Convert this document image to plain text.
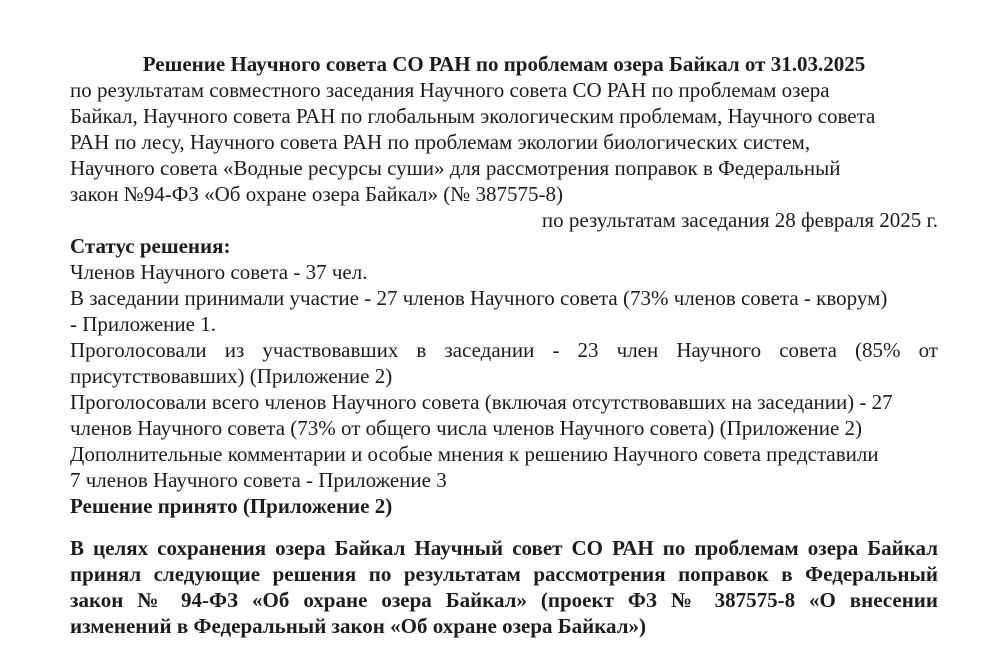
Решение Научного совета СО РАН по проблемам озера Байкал от 31.03.2025
по результатам совместного заседания Научного совета СО РАН по проблемам озера
Байкал, Научного совета РАН по глобальным экологическим проблемам, Научного совета
РАН по лесу, Научного совета РАН по проблемам экологии биологических систем,
Научного совета «Водные ресурсы суши» для рассмотрения поправок в Федеральный
закон №94-ФЗ «Об охране озера Байкал» (№ 387575-8)
по результатам заседания 28 февраля 2025 г.
Статус решения:
Членов Научного совета - 37 чел.
В заседании принимали участие - 27 членов Научного совета (73% членов совета - кворум)
- Приложение 1.
Проголосовали из участвовавших в заседании - 23 член Научного совета (85% от
присутствовавших) (Приложение 2)
Проголосовали всего членов Научного совета (включая отсутствовавших на заседании) - 27
членов Научного совета (73% от общего числа членов Научного совета) (Приложение 2)
Дополнительные комментарии и особые мнения к решению Научного совета представили
7 членов Научного совета - Приложение 3
Решение принято (Приложение 2)
В целях сохранения озера Байкал Научный совет СО РАН по проблемам озера Байкал
принял следующие решения по результатам рассмотрения поправок в Федеральный
закон № 94-ФЗ «Об охране озера Байкал» (проект ФЗ № 387575-8 «О внесении
изменений в Федеральный закон «Об охране озера Байкал»)
